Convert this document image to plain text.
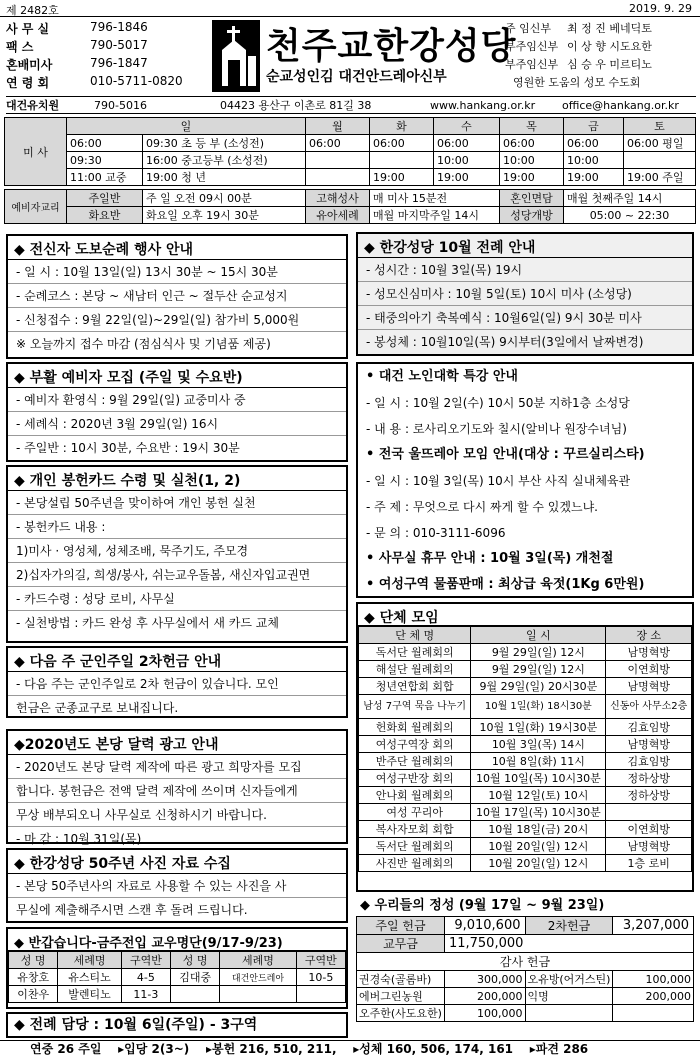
제 2482호	2019. 9. 29
사 무 실	796-1846
팩 스	790-5017
혼배미사	796-1847
연 령 회	010-5711-0820
천주교한강성당
순교성인김 대건안드레아신부
주 임신부 최 정 진 베네딕토
부주임신부 이 상 향 시도요한
부주임신부 심 승 우 미르티노
영원한 도움의 성모 수도회
대건유치원	790-5016	04423 용산구 이촌로 81길 38	www.hankang.or.kr office@hankang.or.kr
미 사	일		월	화	수	목	금	토
	06:00	09:30 초 등 부 (소성전)	06:00	06:00	06:00	06:00	06:00	06:00 평일
	09:30	16:00 중고등부 (소성전)			10:00	10:00	10:00	
	11:00 교중	19:00 청 년		19:00	19:00	19:00	19:00	19:00 주일

예비자교리	주일반	주 일 오전 09시 00분	고해성사	매 미사 15분전		혼인면담	매월 첫째주일 14시	
	화요반	화요일 오후 19시 30분	유아세례	매월 마지막주일 14시		성당개방	05:00 ~ 22:30	
◆ 전신자 도보순례 행사 안내
- 일 시 : 10월 13일(일) 13시 30분 ~ 15시 30분
- 순례코스 : 본당 ~ 새남터 인근 ~ 절두산 순교성지
- 신청접수 : 9월 22일(일)~29일(일) 참가비 5,000원
※ 오늘까지 접수 마감 (점심식사 및 기념품 제공)
◆ 부활 예비자 모집 (주일 및 수요반)
- 예비자 환영식 : 9월 29일(일) 교중미사 중
- 세례식 : 2020년 3월 29일(일) 16시
- 주일반 : 10시 30분, 수요반 : 19시 30분
◆ 개인 봉헌카드 수령 및 실천(1, 2)
- 본당설립 50주년을 맞이하여 개인 봉헌 실천
- 봉헌카드 내용 :
1)미사 · 영성체, 성체조배, 묵주기도, 주모경
2)십자가의길, 희생/봉사, 쉬는교우돌봄, 새신자입교권면
- 카드수령 : 성당 로비, 사무실
- 실천방법 : 카드 완성 후 사무실에서 새 카드 교체
◆ 다음 주 군인주일 2차헌금 안내
- 다음 주는 군인주일로 2차 헌금이 있습니다. 모인
헌금은 군종교구로 보내집니다.
◆2020년도 본당 달력 광고 안내
- 2020년도 본당 달력 제작에 따른 광고 희망자를 모집
합니다. 봉헌금은 전액 달력 제작에 쓰이며 신자들에게
무상 배부되오니 사무실로 신청하시기 바랍니다.
- 마 감 : 10월 31일(목)
◆ 한강성당 50주년 사진 자료 수집
- 본당 50주년사의 자료로 사용할 수 있는 사진을 사
무실에 제출해주시면 스캔 후 돌려 드립니다.
◆ 반갑습니다-금주전입 교우명단(9/17-9/23)
성 명	세례명	구역반	성 명	세례명	구역반
유창호	유스티노	4-5	김대중	대건안드레아	10-5
이찬우	발렌티노	11-3			
◆ 전례 담당 : 10월 6일(주일) - 3구역
◆ 한강성당 10월 전례 안내
- 성시간 : 10월 3일(목) 19시
- 성모신심미사 : 10월 5일(토) 10시 미사 (소성당)
- 태중의아기 축복예식 : 10월6일(일) 9시 30분 미사
- 봉성체 : 10월10일(목) 9시부터(3일에서 날짜변경)
• 대건 노인대학 특강 안내
- 일 시 : 10월 2일(수) 10시 50분 지하1층 소성당
- 내 용 : 로사리오기도와 칠시(알비나 원장수녀님)
• 전국 울뜨레아 모임 안내(대상 : 꾸르실리스타)
- 일 시 : 10월 3일(목) 10시 부산 사직 실내체육관
- 주 제 : 무엇으로 다시 짜게 할 수 있겠느냐.
- 문 의 : 010-3111-6096
• 사무실 휴무 안내 : 10월 3일(목) 개천절
• 여성구역 물품판매 : 최상급 육젓(1Kg 6만원)
◆ 단체 모임
단 체 명	일 시	장 소
독서단 월례회의	9월 29일(일) 12시	남명혁방
해설단 월례회의	9월 29일(일) 12시	이연희방
청년연합회 회합	9월 29일(일) 20시30분	남명혁방
남성 7구역 묵음 나누기	10월 1일(화) 18시30분	신동아 사무소2층
헌화회 월례회의	10월 1일(화) 19시30분	김효임방
여성구역장 회의	10월 3일(목) 14시	남명혁방
반주단 월례회의	10월 8일(화) 11시	김효임방
여성구반장 회의	10월 10일(목) 10시30분	정하상방
안나회 월례회의	10월 12일(토) 10시	정하상방
여성 꾸리아	10월 17일(목) 10시30분	
복사자모회 회합	10월 18일(금) 20시	이연희방
독서단 월례회의	10월 20일(일) 12시	남명혁방
사진반 월례회의	10월 20일(일) 12시	1층 로비
◆ 우리들의 정성 (9월 17일 ~ 9월 23일)
주일 헌금	9,010,600	2차헌금	3,207,000
교무금	11,750,000		
감사 헌금			
권경숙(골롬바)	300,000	오유방(어거스틴)	100,000
에버그린농원	200,000	익명	200,000
오주한(사도요한)	100,000		
연중 26 주일    ▸입당 2(3~)    ▸봉헌 216, 510, 211,    ▸성체 160, 506, 174, 161    ▸파견 286
